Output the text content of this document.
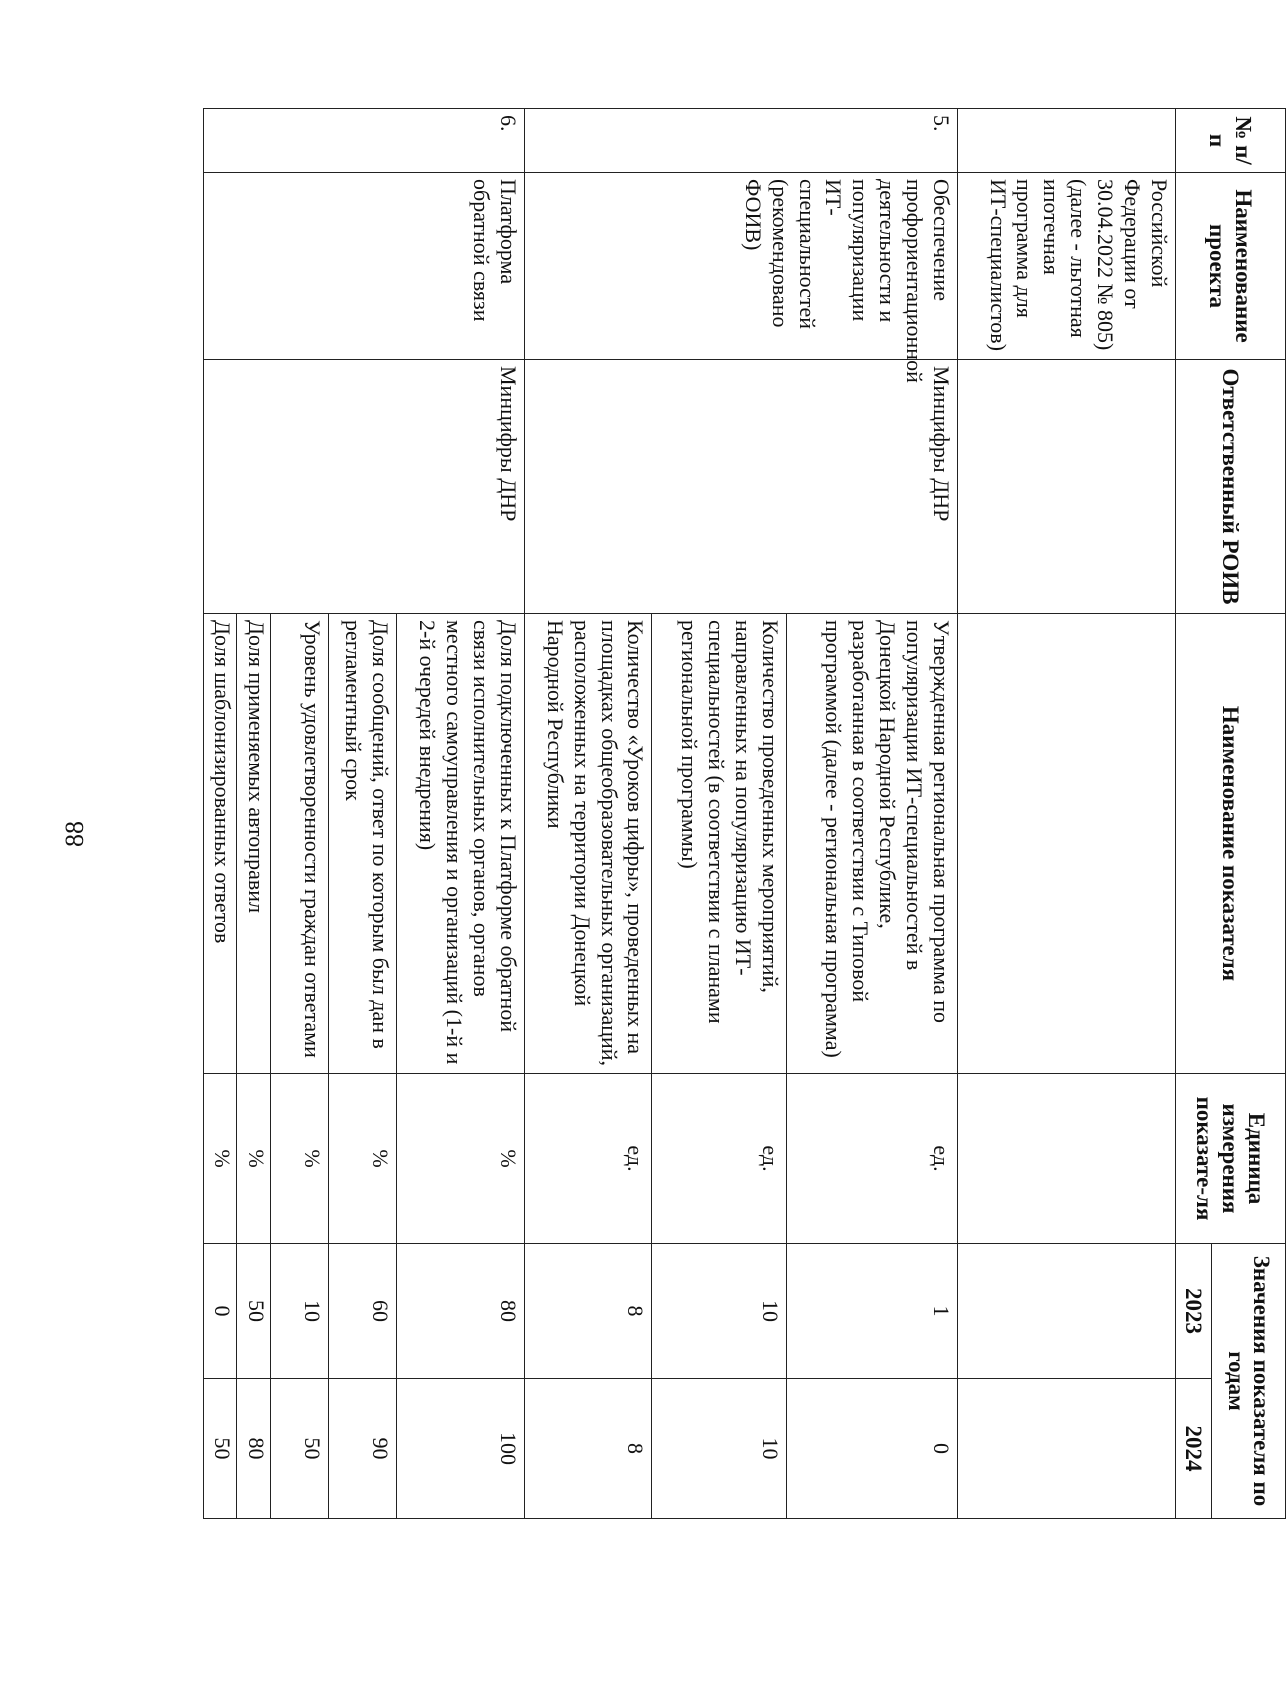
88
№ п/п	Наименование проекта	Ответственный РОИВ	Наименование показателя	Единица измерения показате-ля	Значения показателя по годам	
					2023	2024
	Российской Федерации от 30.04.2022 № 805) (далее - льготная ипотечная программа для ИТ-специалистов)					
5.	Обеспечение профориентационной деятельности и популяризации ИТ-специальностей (рекомендовано ФОИВ)	Минцифры ДНР	Утвержденная региональная программа по популяризации ИТ-специальностей в Донецкой Народной Республике, разработанная в соответствии с Типовой программой (далее - региональная программа)	ед.	1	0
			Количество проведенных мероприятий, направленных на популяризацию ИТ-специальностей (в соответствии с планами региональной программы)	ед.	10	10
			Количество «Уроков цифры», проведенных на площадках общеобразовательных организаций, расположенных на территории Донецкой Народной Республики	ед.	8	8
6.	Платформа обратной связи	Минцифры ДНР	Доля подключенных к Платформе обратной связи исполнительных органов, органов местного самоуправления и организаций (1-й и 2-й очередей внедрения)	%	80	100
			Доля сообщений, ответ по которым был дан в регламентный срок	%	60	90
			Уровень удовлетворенности граждан ответами	%	10	50
			Доля применяемых автоправил	%	50	80
			Доля шаблонизированных ответов	%	0	50
